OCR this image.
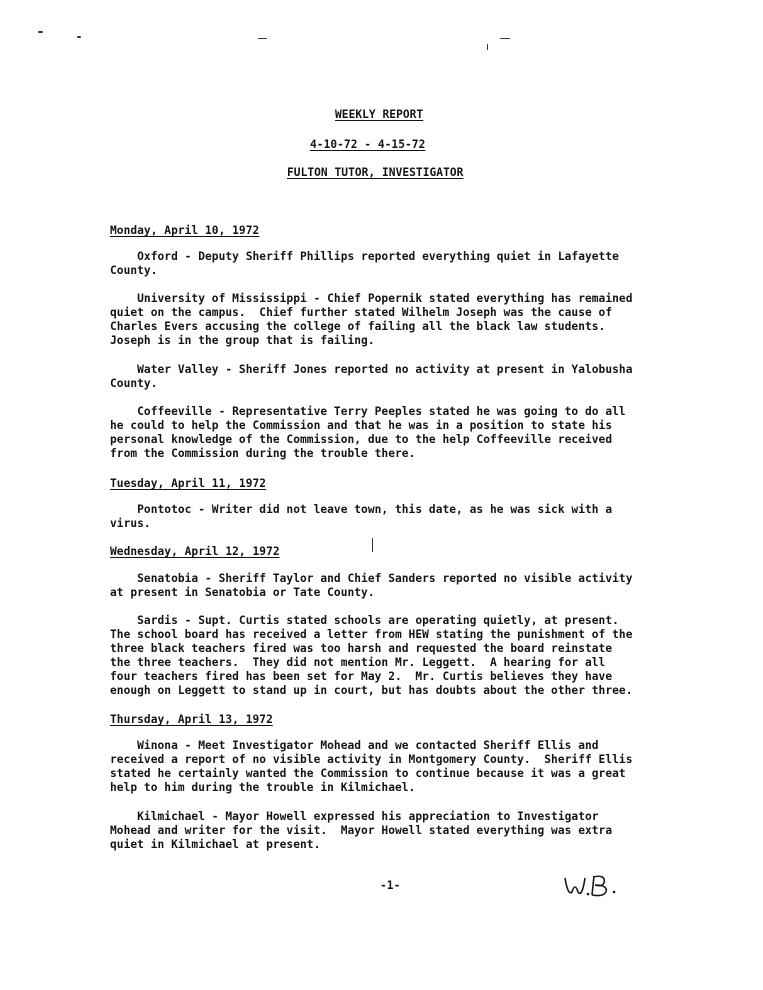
WEEKLY REPORT
4-10-72 - 4-15-72
FULTON TUTOR, INVESTIGATOR
Monday, April 10, 1972
Oxford - Deputy Sheriff Phillips reported everything quiet in Lafayette
County.
University of Mississippi - Chief Popernik stated everything has remained
quiet on the campus.  Chief further stated Wilhelm Joseph was the cause of
Charles Evers accusing the college of failing all the black law students.
Joseph is in the group that is failing.
Water Valley - Sheriff Jones reported no activity at present in Yalobusha
County.
Coffeeville - Representative Terry Peeples stated he was going to do all
he could to help the Commission and that he was in a position to state his
personal knowledge of the Commission, due to the help Coffeeville received
from the Commission during the trouble there.
Tuesday, April 11, 1972
Pontotoc - Writer did not leave town, this date, as he was sick with a
virus.
Wednesday, April 12, 1972
Senatobia - Sheriff Taylor and Chief Sanders reported no visible activity
at present in Senatobia or Tate County.
Sardis - Supt. Curtis stated schools are operating quietly, at present.
The school board has received a letter from HEW stating the punishment of the
three black teachers fired was too harsh and requested the board reinstate
the three teachers.  They did not mention Mr. Leggett.  A hearing for all
four teachers fired has been set for May 2.  Mr. Curtis believes they have
enough on Leggett to stand up in court, but has doubts about the other three.
Thursday, April 13, 1972
Winona - Meet Investigator Mohead and we contacted Sheriff Ellis and
received a report of no visible activity in Montgomery County.  Sheriff Ellis
stated he certainly wanted the Commission to continue because it was a great
help to him during the trouble in Kilmichael.
Kilmichael - Mayor Howell expressed his appreciation to Investigator
Mohead and writer for the visit.  Mayor Howell stated everything was extra
quiet in Kilmichael at present.
-1-
